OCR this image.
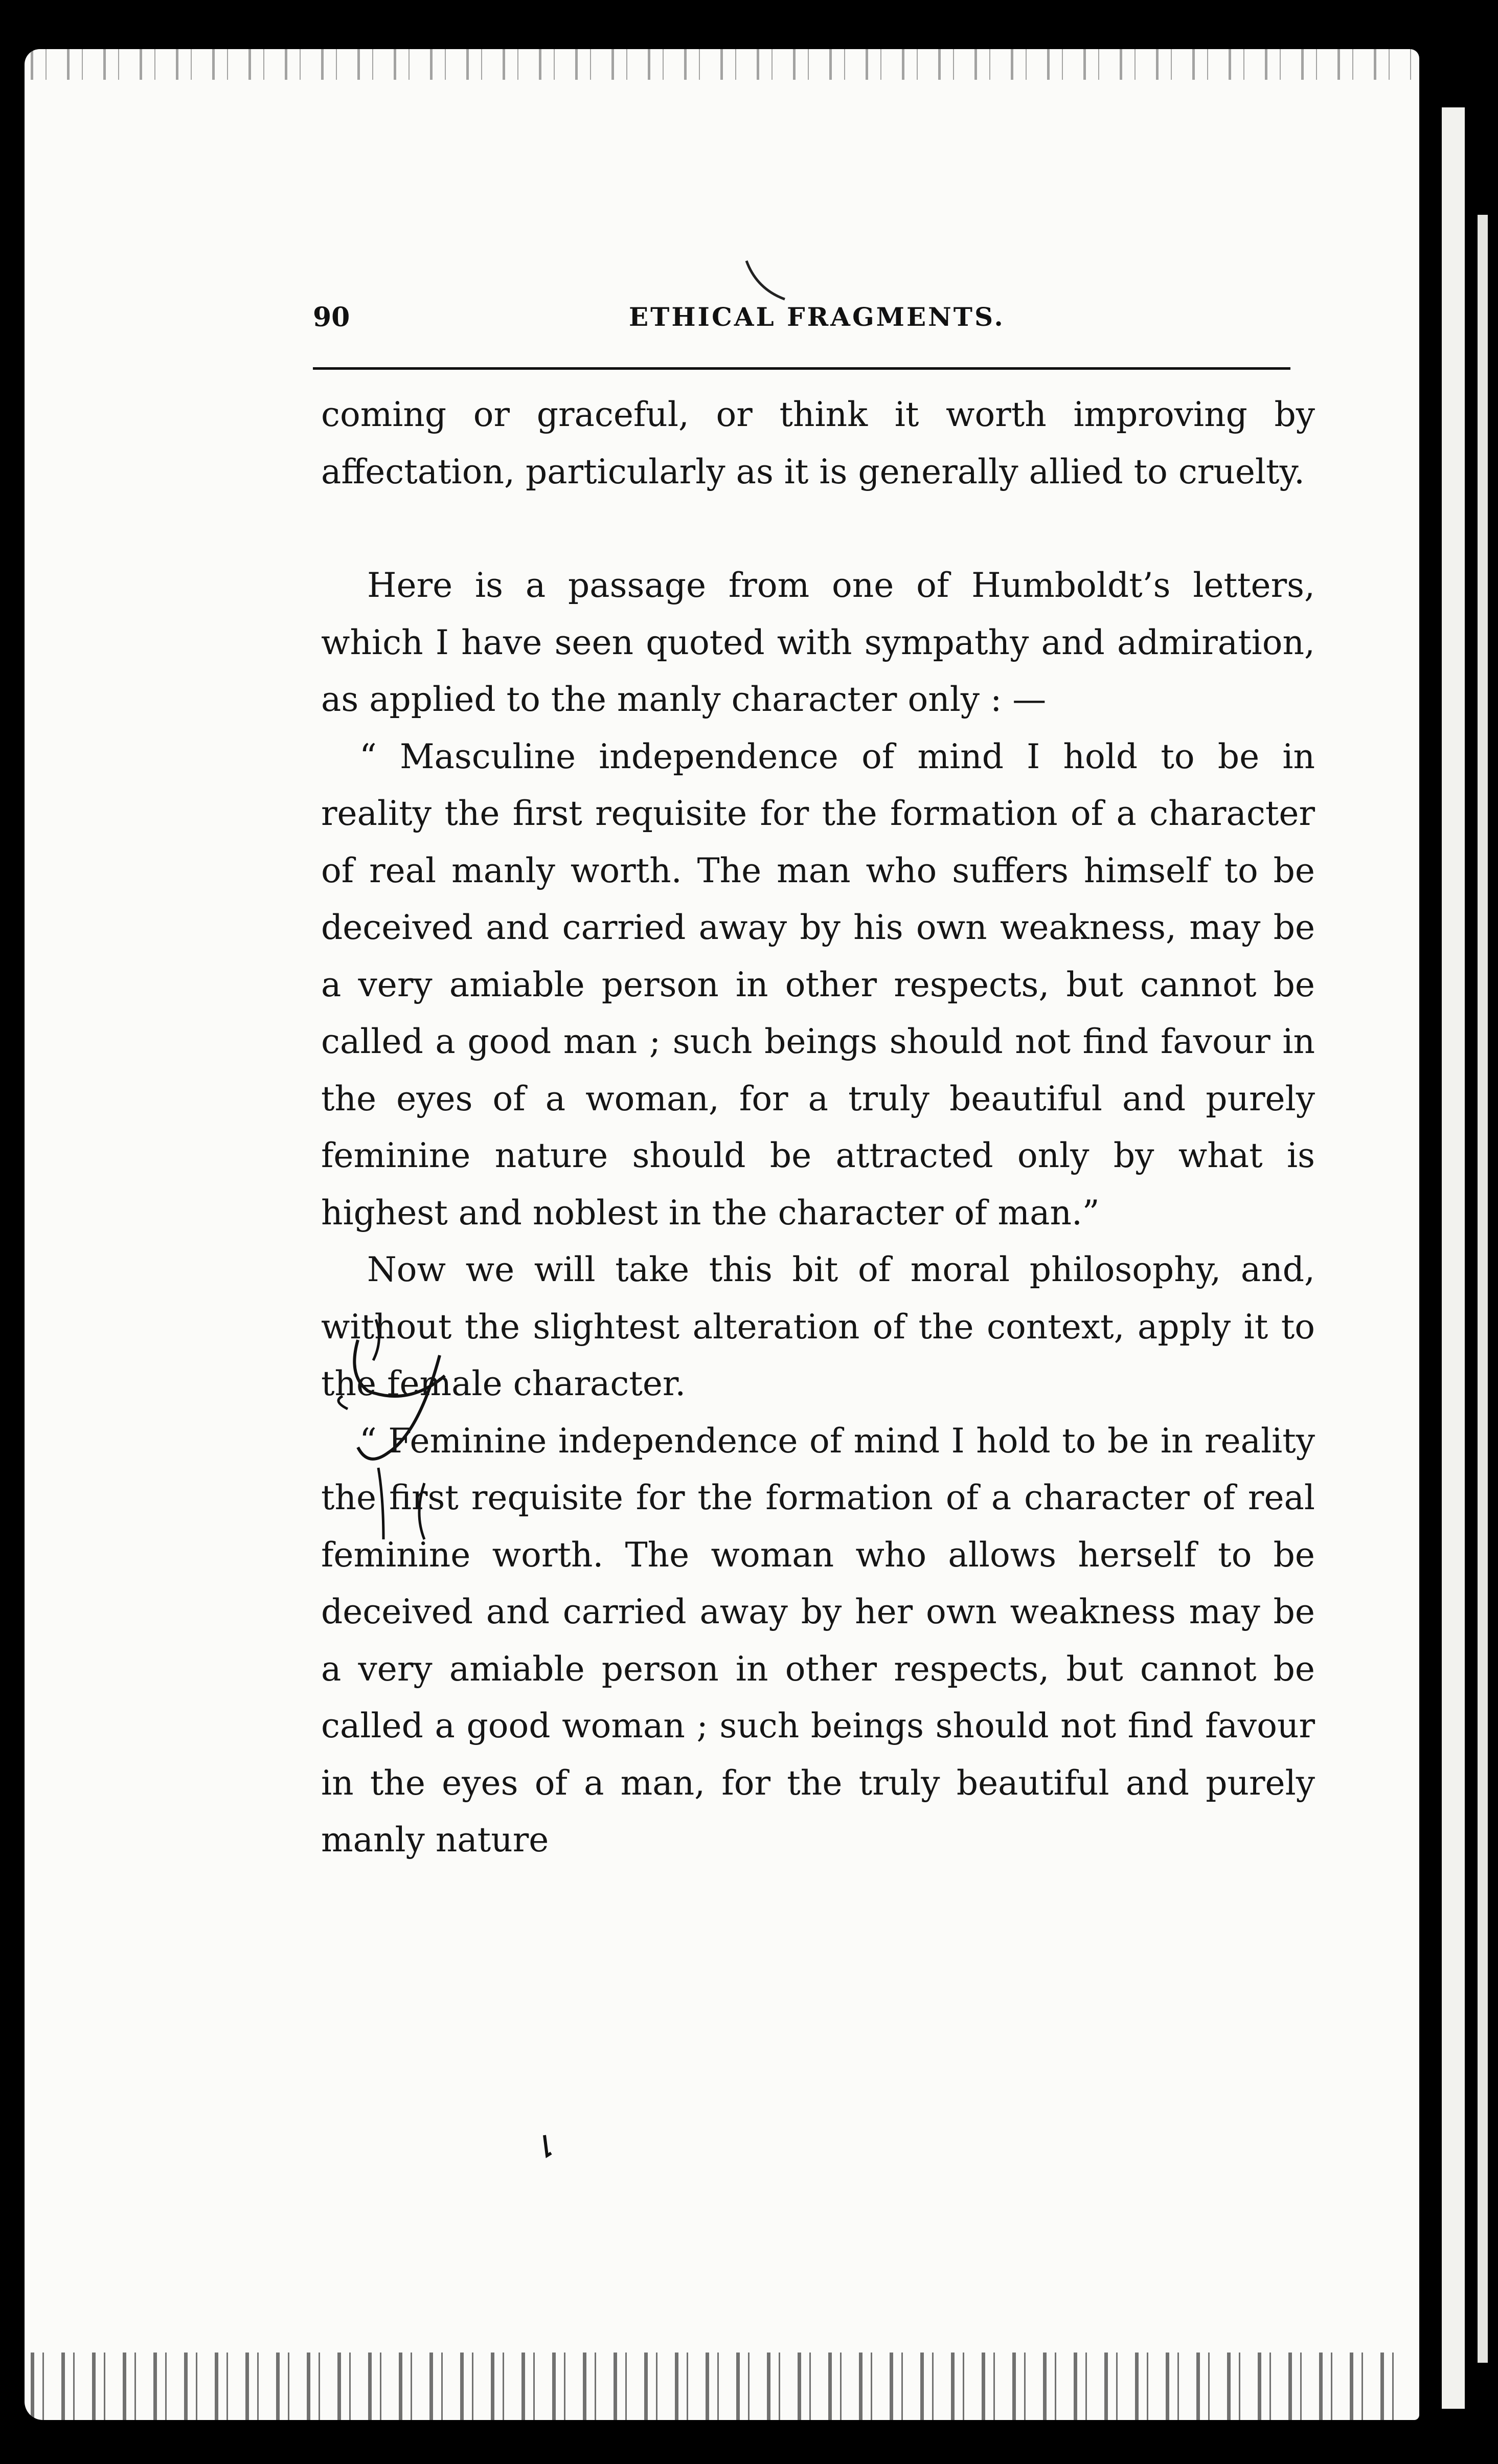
90	ETHICAL FRAGMENTS.

coming or graceful, or think it worth improving by affectation, particularly as it is generally allied to cruelty.

Here is a passage from one of Humboldt’s letters, which I have seen quoted with sympathy and admiration, as applied to the manly character only : —

“ Masculine independence of mind I hold to be in reality the first requisite for the formation of a character of real manly worth. The man who suffers himself to be deceived and carried away by his own weakness, may be a very amiable person in other respects, but cannot be called a good man ; such beings should not find favour in the eyes of a woman, for a truly beautiful and purely feminine nature should be attracted only by what is highest and noblest in the character of man.”

Now we will take this bit of moral philosophy, and, without the slightest alteration of the context, apply it to the female character.

“ Feminine independence of mind I hold to be in reality the first requisite for the formation of a character of real feminine worth. The woman who allows herself to be deceived and carried away by her own weakness may be a very amiable person in other respects, but cannot be called a good woman ; such beings should not find favour in the eyes of a man, for the truly beautiful and purely manly nature
